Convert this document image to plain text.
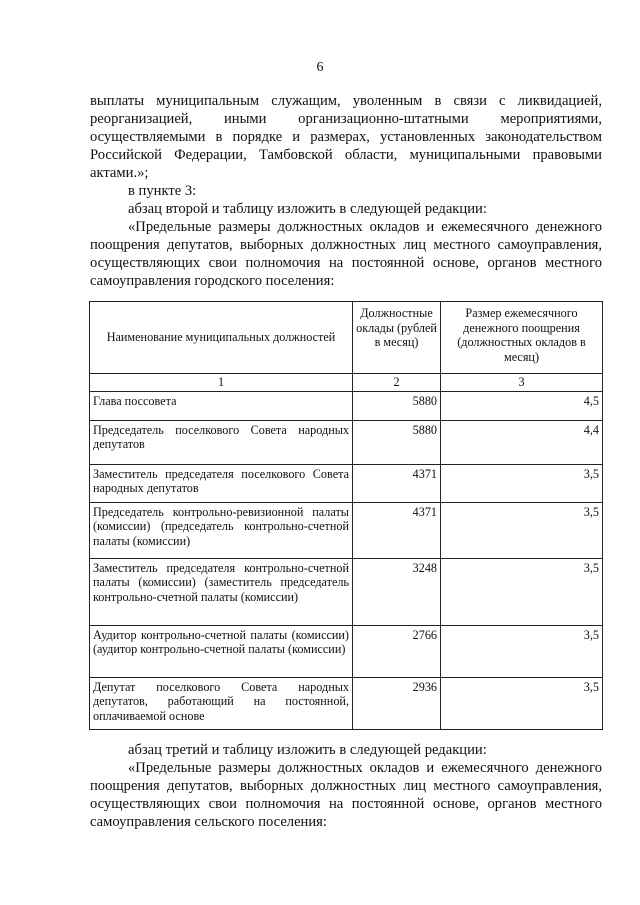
6

выплаты муниципальным служащим, уволенным в связи с ликвидацией, реорганизацией, иными организационно-штатными мероприятиями, осуществляемыми в порядке и размерах, установленных законодательством Российской Федерации, Тамбовской области, муниципальными правовыми актами.»;

в пункте 3:

абзац второй и таблицу изложить в следующей редакции:

«Предельные размеры должностных окладов и ежемесячного денежного поощрения депутатов, выборных должностных лиц местного самоуправления, осуществляющих свои полномочия на постоянной основе, органов местного самоуправления городского поселения:

Наименование муниципальных должностей	Должностные оклады (рублей в месяц)	Размер ежемесячного денежного поощрения (должностных окладов в месяц)
1	2	3
Глава поссовета	5880	4,5
Председатель поселкового Совета народных депутатов	5880	4,4
Заместитель председателя поселкового Совета народных депутатов	4371	3,5
Председатель контрольно-ревизионной палаты (комиссии) (председатель контрольно-счетной палаты (комиссии)	4371	3,5
Заместитель председателя контрольно-счетной палаты (комиссии) (заместитель председатель контрольно-счетной палаты (комиссии)	3248	3,5
Аудитор контрольно-счетной палаты (комиссии) (аудитор контрольно-счетной палаты (комиссии)	2766	3,5
Депутат поселкового Совета народных депутатов, работающий на постоянной, оплачиваемой основе	2936	3,5

абзац третий и таблицу изложить в следующей редакции:

«Предельные размеры должностных окладов и ежемесячного денежного поощрения депутатов, выборных должностных лиц местного самоуправления, осуществляющих свои полномочия на постоянной основе, органов местного самоуправления сельского поселения:
